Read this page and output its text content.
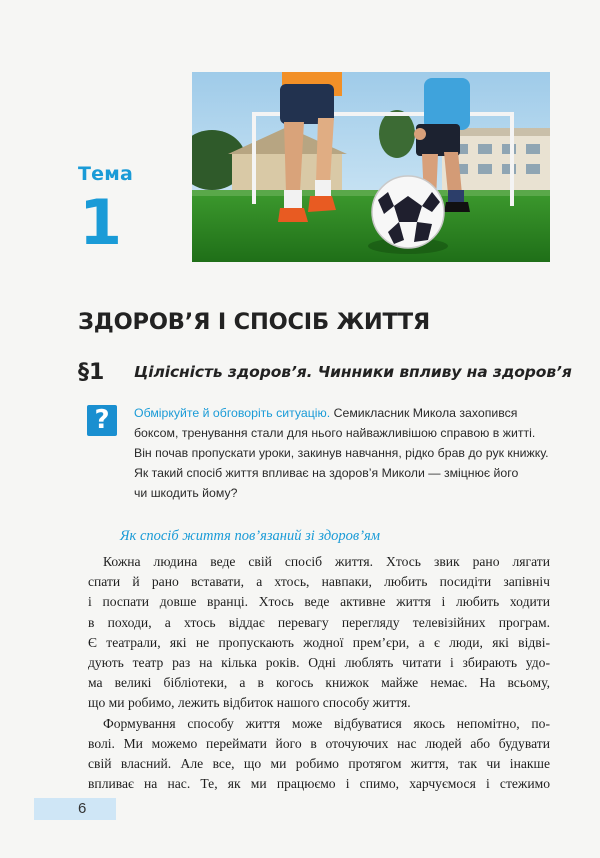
Тема
1
ЗДОРОВ’Я І СПОСІБ ЖИТТЯ
§1 Цілісність здоров’я. Чинники впливу на здоров’я
?	Обміркуйте й обговоріть ситуацію. Семикласник Микола захопився
боксом, тренування стали для нього найважливішою справою в житті.
Він почав пропускати уроки, закинув навчання, рідко брав до рук книжку.
Як такий спосіб життя впливає на здоров’я Миколи — зміцнює його
чи шкодить йому?
Як спосіб життя пов’язаний зі здоров’ям
Кожна людина веде свій спосіб життя. Хтось звик рано лягати
спати й рано вставати, а хтось, навпаки, любить посидіти запівніч
і поспати довше вранці. Хтось веде активне життя і любить ходити
в походи, а хтось віддає перевагу перегляду телевізійних програм.
Є театрали, які не пропускають жодної прем’єри, а є люди, які відві-
дують театр раз на кілька років. Одні люблять читати і збирають удо-
ма великі бібліотеки, а в когось книжок майже немає. На всьому,
що ми робимо, лежить відбиток нашого способу життя.
Формування способу життя може відбуватися якось непомітно, по-
волі. Ми можемо переймати його в оточуючих нас людей або будувати
свій власний. Але все, що ми робимо протягом життя, так чи інакше
впливає на нас. Те, як ми працюємо і спимо, харчуємося і стежимо
6
